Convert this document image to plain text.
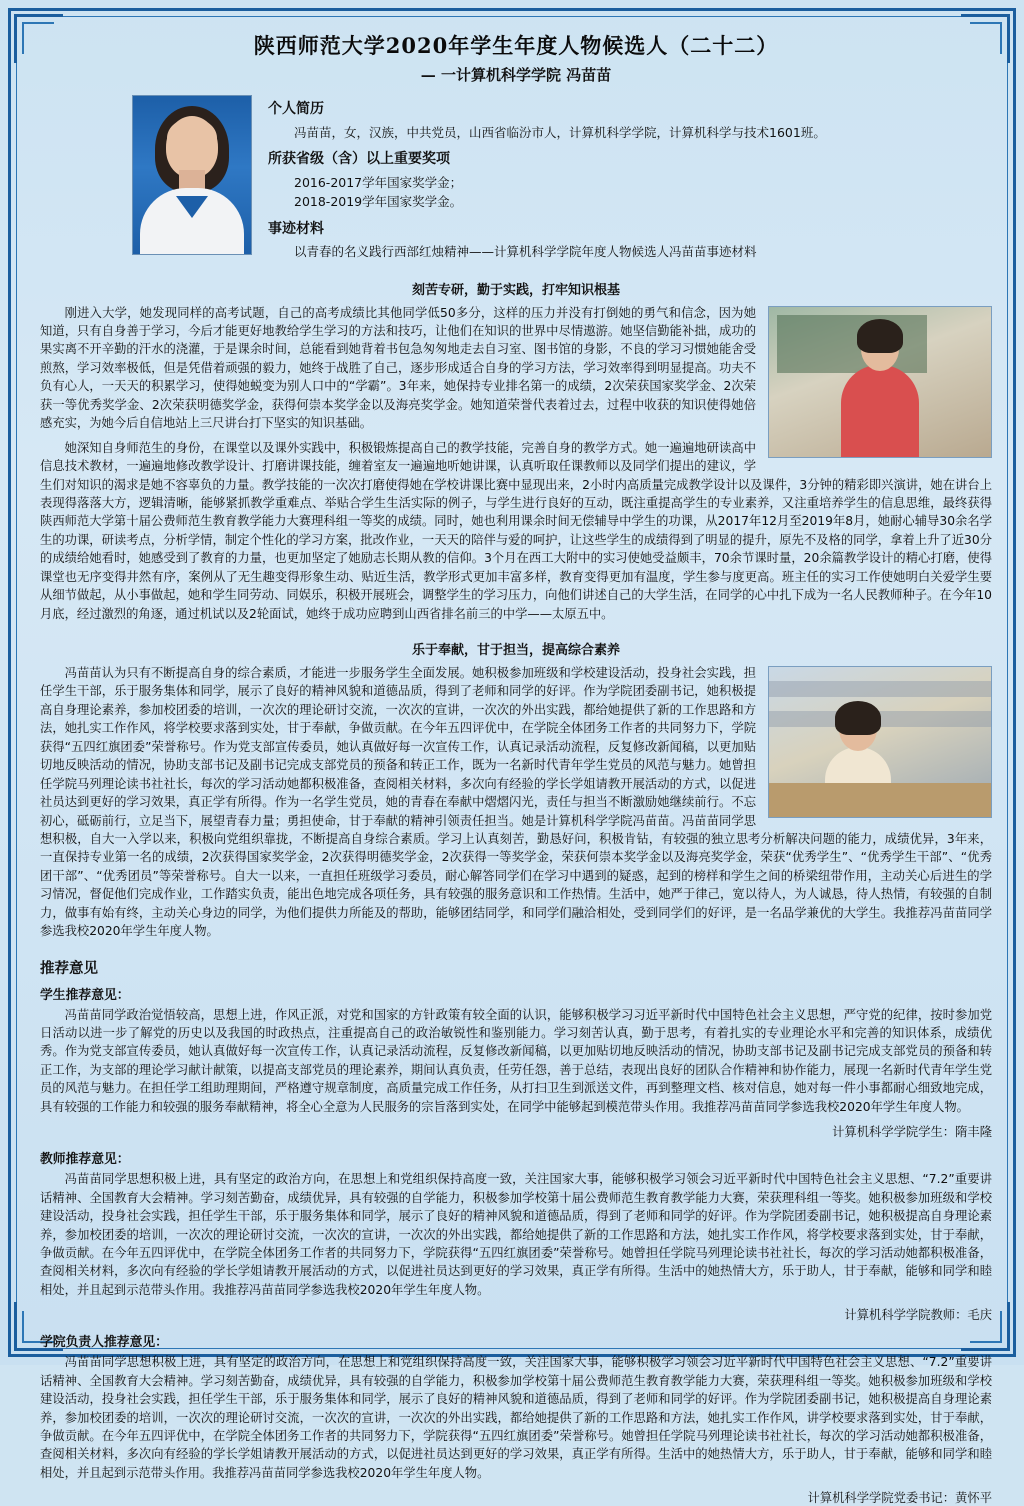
陕西师范大学2020年学生年度人物候选人（二十二）
— 一计算机科学学院 冯苗苗
个人简历
冯苗苗，女，汉族，中共党员，山西省临汾市人，计算机科学学院，计算机科学与技术1601班。
所获省级（含）以上重要奖项
2016-2017学年国家奖学金；
2018-2019学年国家奖学金。
事迹材料
以青春的名义践行西部红烛精神——计算机科学学院年度人物候选人冯苗苗事迹材料
刻苦专研，勤于实践，打牢知识根基

刚进入大学，她发现同样的高考试题，自己的高考成绩比其他同学低50多分，这样的压力并没有打倒她的勇气和信念，因为她知道，只有自身善于学习，今后才能更好地教给学生学习的方法和技巧，让他们在知识的世界中尽情遨游。她坚信勤能补拙，成功的果实离不开辛勤的汗水的浇灌，于是课余时间，总能看到她背着书包急匆匆地走去自习室、图书馆的身影，不良的学习习惯她能舍受煎熬，学习效率极低，但是凭借着顽强的毅力，她终于战胜了自己，逐步形成适合自身的学习方法，学习效率得到明显提高。功夫不负有心人，一天天的积累学习，使得她蜕变为别人口中的“学霸”。3年来，她保持专业排名第一的成绩，2次荣获国家奖学金、2次荣获一等优秀奖学金、2次荣获明德奖学金，获得何崇本奖学金以及海亮奖学金。她知道荣誉代表着过去，过程中收获的知识使得她倍感充实，为她今后自信地站上三尺讲台打下坚实的知识基础。

她深知自身师范生的身份，在课堂以及课外实践中，积极锻炼提高自己的教学技能，完善自身的教学方式。她一遍遍地研读高中信息技术教材，一遍遍地修改教学设计、打磨讲课技能，缠着室友一遍遍地听她讲课，认真听取任课教师以及同学们提出的建议，学生们对知识的渴求是她不容辜负的力量。教学技能的一次次打磨使得她在学校讲课比赛中显现出来，2小时内高质量完成教学设计以及课件，3分钟的精彩即兴演讲，她在讲台上表现得落落大方，逻辑清晰，能够紧抓教学重难点、举贴合学生生活实际的例子，与学生进行良好的互动，既注重提高学生的专业素养，又注重培养学生的信息思维，最终获得陕西师范大学第十届公费师范生教育教学能力大赛理科组一等奖的成绩。同时，她也利用课余时间无偿辅导中学生的功课，从2017年12月至2019年8月，她耐心辅导30余名学生的功课，研读考点，分析学情，制定个性化的学习方案，批改作业，一天天的陪伴与爱的呵护，让这些学生的成绩得到了明显的提升，原先不及格的同学，拿着上升了近30分的成绩给她看时，她感受到了教育的力量，也更加坚定了她励志长期从教的信仰。3个月在西工大附中的实习使她受益颇丰，70余节课时量，20余篇教学设计的精心打磨，使得课堂也无序变得井然有序，案例从了无生趣变得形象生动、贴近生活，教学形式更加丰富多样，教育变得更加有温度，学生参与度更高。班主任的实习工作使她明白关爱学生要从细节做起，从小事做起，她和学生同劳动、同娱乐，积极开展班会，调整学生的学习压力，向他们讲述自己的大学生活，在同学的心中扎下成为一名人民教师种子。在今年10月底，经过激烈的角逐，通过机试以及2轮面试，她终于成功应聘到山西省排名前三的中学——太原五中。

乐于奉献，甘于担当，提高综合素养

冯苗苗认为只有不断提高自身的综合素质，才能进一步服务学生全面发展。她积极参加班级和学校建设活动，投身社会实践，担任学生干部，乐于服务集体和同学，展示了良好的精神风貌和道德品质，得到了老师和同学的好评。作为学院团委副书记，她积极提高自身理论素养，参加校团委的培训，一次次的理论研讨交流，一次次的宣讲，一次次的外出实践，都给她提供了新的工作思路和方法，她扎实工作作风，将学校要求落到实处，甘于奉献，争做贡献。在今年五四评优中，在学院全体团务工作者的共同努力下，学院获得“五四红旗团委”荣誉称号。作为党支部宣传委员，她认真做好每一次宣传工作，认真记录活动流程，反复修改新闻稿，以更加贴切地反映活动的情况，协助支部书记及副书记完成支部党员的预备和转正工作，既为一名新时代青年学生党员的风范与魅力。她曾担任学院马列理论读书社社长，每次的学习活动她都积极准备，查阅相关材料，多次向有经验的学长学姐请教开展活动的方式，以促进社员达到更好的学习效果，真正学有所得。作为一名学生党员，她的青春在奉献中熠熠闪光，责任与担当不断激励她继续前行。不忘初心，砥砺前行，立足当下，展望青春力量；勇担使命，甘于奉献的精神引领责任担当。她是计算机科学学院冯苗苗。冯苗苗同学思想积极，自大一入学以来，积极向党组织靠拢，不断提高自身综合素质。学习上认真刻苦，勤恳好问，积极肯钻，有较强的独立思考分析解决问题的能力，成绩优异，3年来，一直保持专业第一名的成绩，2次获得国家奖学金，2次获得明德奖学金，2次获得一等奖学金，荣获何崇本奖学金以及海亮奖学金，荣获“优秀学生”、“优秀学生干部”、“优秀团干部”、“优秀团员”等荣誉称号。自大一以来，一直担任班级学习委员，耐心解答同学们在学习中遇到的疑惑，起到的榜样和学生之间的桥梁纽带作用，主动关心后进生的学习情况，督促他们完成作业，工作踏实负责，能出色地完成各项任务，具有较强的服务意识和工作热情。生活中，她严于律己，宽以待人，为人诚恳，待人热情，有较强的自制力，做事有始有终，主动关心身边的同学，为他们提供力所能及的帮助，能够团结同学，和同学们融洽相处，受到同学们的好评，是一名品学兼优的大学生。我推荐冯苗苗同学参选我校2020年学生年度人物。

推荐意见
学生推荐意见：

冯苗苗同学政治觉悟较高，思想上进，作风正派，对党和国家的方针政策有较全面的认识，能够积极学习习近平新时代中国特色社会主义思想，严守党的纪律，按时参加党日活动以进一步了解党的历史以及我国的时政热点，注重提高自己的政治敏锐性和鉴别能力。学习刻苦认真，勤于思考，有着扎实的专业理论水平和完善的知识体系，成绩优秀。作为党支部宣传委员，她认真做好每一次宣传工作，认真记录活动流程，反复修改新闻稿，以更加贴切地反映活动的情况，协助支部书记及副书记完成支部党员的预备和转正工作，为支部的理论学习献计献策，以提高支部党员的理论素养，期间认真负责，任劳任怨，善于总结，表现出良好的团队合作精神和协作能力，展现一名新时代青年学生党员的风范与魅力。在担任学工组助理期间，严格遵守规章制度，高质量完成工作任务，从打扫卫生到派送文件，再到整理文档、核对信息，她对每一件小事都耐心细致地完成，具有较强的工作能力和较强的服务奉献精神，将全心全意为人民服务的宗旨落到实处，在同学中能够起到模范带头作用。我推荐冯苗苗同学参选我校2020年学生年度人物。

计算机科学学院学生：隋丰隆
教师推荐意见：

冯苗苗同学思想积极上进，具有坚定的政治方向，在思想上和党组织保持高度一致，关注国家大事，能够积极学习领会习近平新时代中国特色社会主义思想、“7.2”重要讲话精神、全国教育大会精神。学习刻苦勤奋，成绩优异，具有较强的自学能力，积极参加学校第十届公费师范生教育教学能力大赛，荣获理科组一等奖。她积极参加班级和学校建设活动，投身社会实践，担任学生干部，乐于服务集体和同学，展示了良好的精神风貌和道德品质，得到了老师和同学的好评。作为学院团委副书记，她积极提高自身理论素养，参加校团委的培训，一次次的理论研讨交流，一次次的宣讲，一次次的外出实践，都给她提供了新的工作思路和方法，她扎实工作作风，将学校要求落到实处，甘于奉献，争做贡献。在今年五四评优中，在学院全体团务工作者的共同努力下，学院获得“五四红旗团委”荣誉称号。她曾担任学院马列理论读书社社长，每次的学习活动她都积极准备，查阅相关材料，多次向有经验的学长学姐请教开展活动的方式，以促进社员达到更好的学习效果，真正学有所得。生活中的她热情大方，乐于助人，甘于奉献，能够和同学和睦相处，并且起到示范带头作用。我推荐冯苗苗同学参选我校2020年学生年度人物。

计算机科学学院教师：毛庆
学院负责人推荐意见：

冯苗苗同学思想积极上进，具有坚定的政治方向，在思想上和党组织保持高度一致，关注国家大事，能够积极学习领会习近平新时代中国特色社会主义思想、“7.2”重要讲话精神、全国教育大会精神。学习刻苦勤奋，成绩优异，具有较强的自学能力，积极参加学校第十届公费师范生教育教学能力大赛，荣获理科组一等奖。她积极参加班级和学校建设活动，投身社会实践，担任学生干部，乐于服务集体和同学，展示了良好的精神风貌和道德品质，得到了老师和同学的好评。作为学院团委副书记，她积极提高自身理论素养，参加校团委的培训，一次次的理论研讨交流，一次次的宣讲，一次次的外出实践，都给她提供了新的工作思路和方法，她扎实工作作风，讲学校要求落到实处，甘于奉献，争做贡献。在今年五四评优中，在学院全体团务工作者的共同努力下，学院获得“五四红旗团委”荣誉称号。她曾担任学院马列理论读书社社长，每次的学习活动她都积极准备，查阅相关材料，多次向有经验的学长学姐请教开展活动的方式，以促进社员达到更好的学习效果，真正学有所得。生活中的她热情大方，乐于助人，甘于奉献，能够和同学和睦相处，并且起到示范带头作用。我推荐冯苗苗同学参选我校2020年学生年度人物。

计算机科学学院党委书记：黄怀平
